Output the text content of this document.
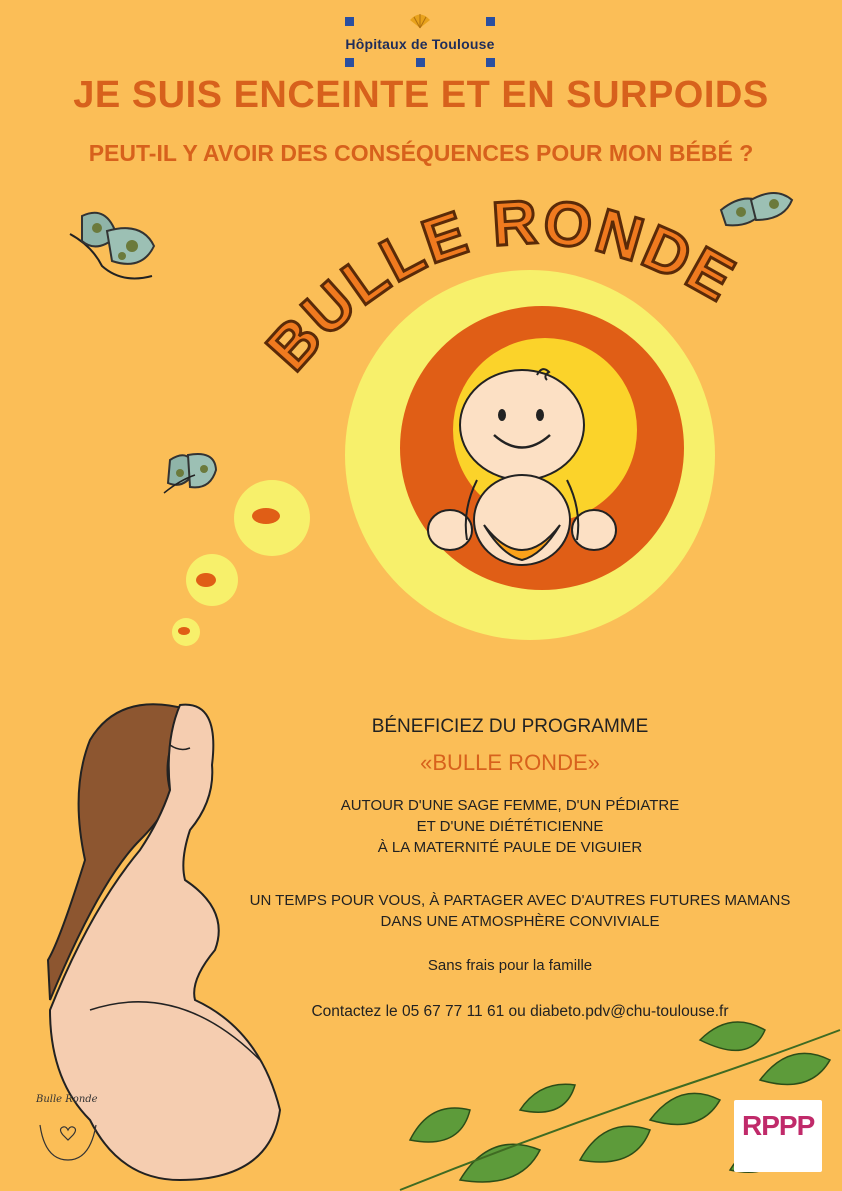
Hôpitaux de Toulouse
JE SUIS ENCEINTE ET EN SURPOIDS
PEUT-IL Y AVOIR DES CONSÉQUENCES POUR MON BÉBÉ ?
BULLE RONDE
Bulle Ronde
BÉNEFICIEZ DU PROGRAMME
«BULLE RONDE»
AUTOUR D'UNE SAGE FEMME, D'UN PÉDIATRE
ET D'UNE DIÉTÉTICIENNE
À LA MATERNITÉ PAULE DE VIGUIER
UN TEMPS POUR VOUS, À PARTAGER AVEC D'AUTRES FUTURES MAMANS
DANS UNE ATMOSPHÈRE CONVIVIALE
Sans frais pour la famille
Contactez le 05 67 77 11 61 ou diabeto.pdv@chu-toulouse.fr
RPPP
